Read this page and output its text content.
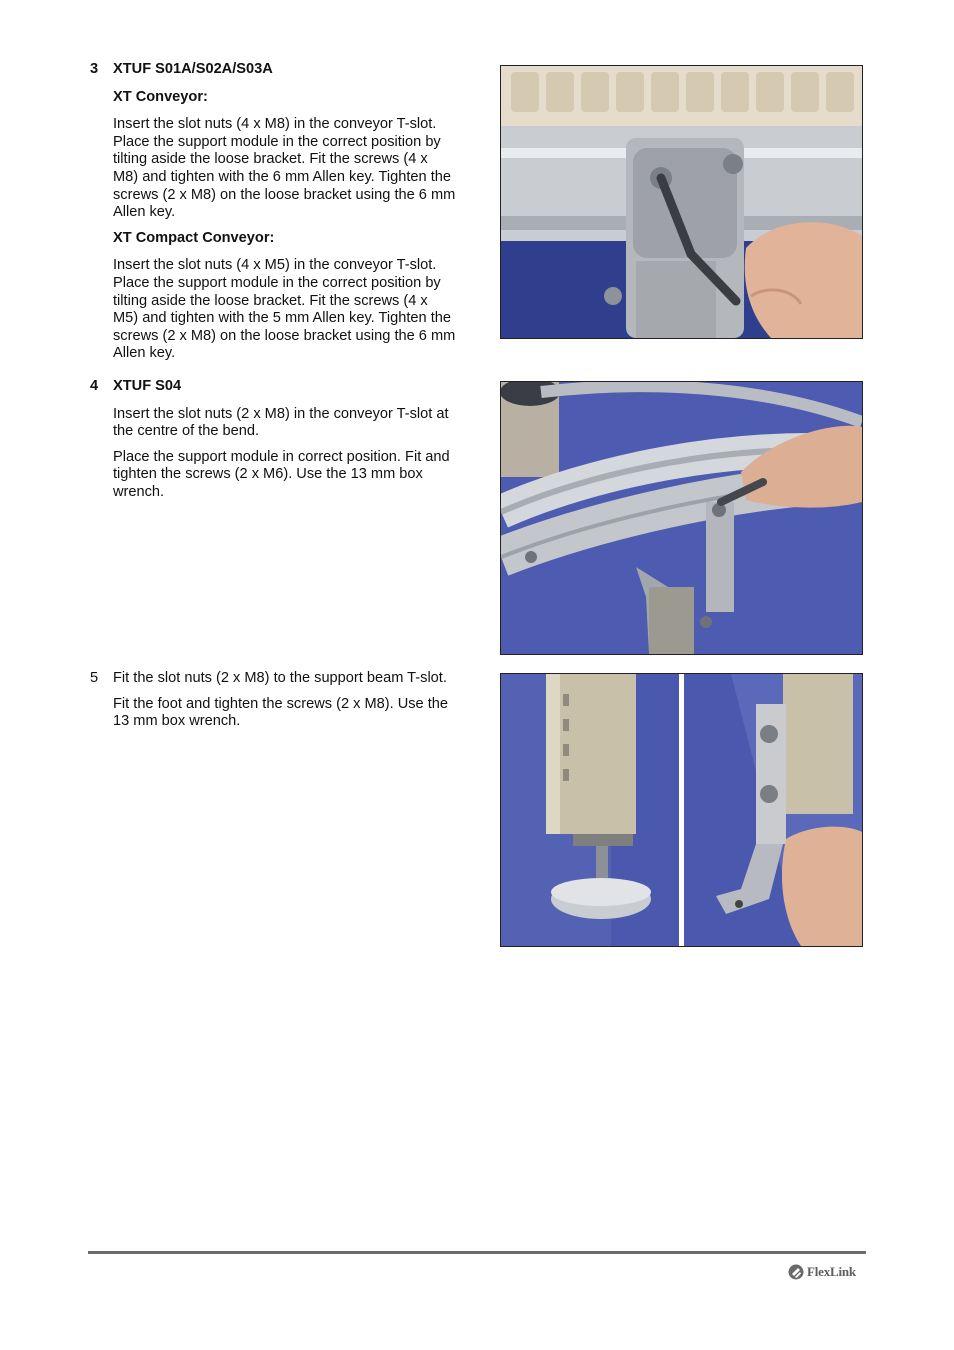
3	XTUF S01A/S02A/S03A

XT Conveyor:

Insert the slot nuts (4 x M8) in the conveyor T-slot. Place the support module in the correct position by tilting aside the loose bracket. Fit the screws (4 x M8) and tighten with the 6 mm Allen key. Tighten the screws (2 x M8) on the loose bracket using the 6 mm Allen key.

XT Compact Conveyor:

Insert the slot nuts (4 x M5) in the conveyor T-slot. Place the support module in the correct position by tilting aside the loose bracket. Fit the screws (4 x M5) and tighten with the 5 mm Allen key. Tighten the screws (2 x M8) on the loose bracket using the 6 mm Allen key.

4	XTUF S04

Insert the slot nuts (2 x M8) in the conveyor T-slot at the centre of the bend.

Place the support module in correct position. Fit and tighten the screws (2 x M6). Use the 13 mm box wrench.

5	Fit the slot nuts (2 x M8) to the support beam T-slot.

Fit the foot and tighten the screws (2 x M8). Use the 13 mm box wrench.

FlexLink
